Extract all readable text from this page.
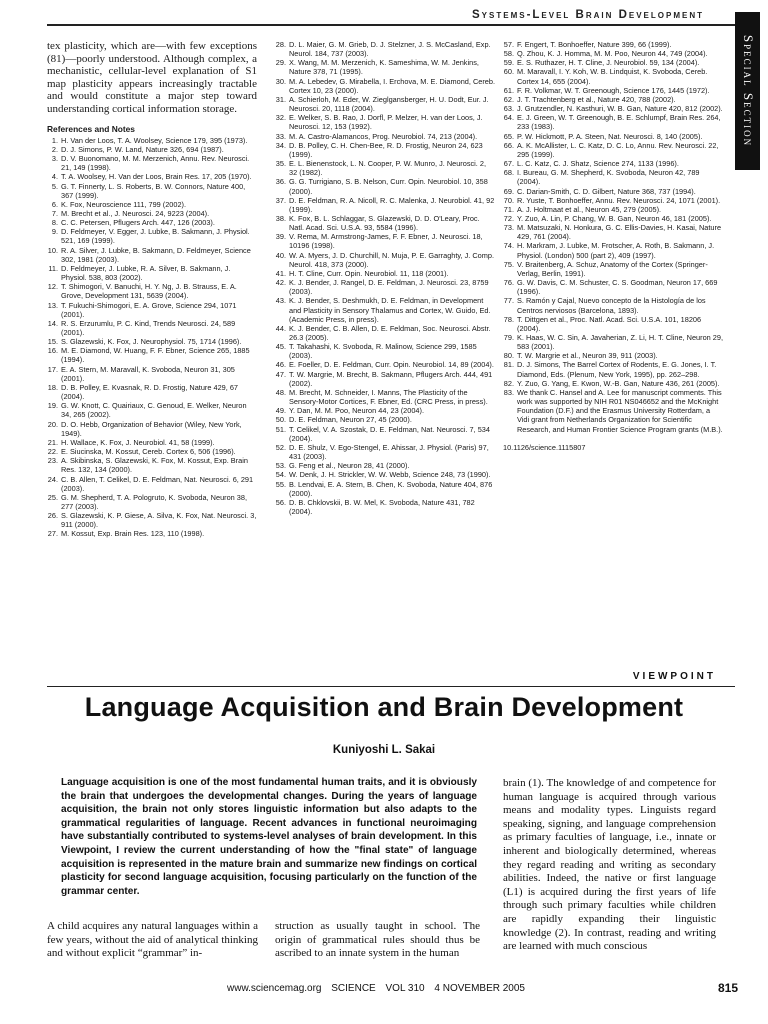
Systems-Level Brain Development
Special Section

tex plasticity, which are—with few exceptions (81)—poorly understood. Although complex, a mechanistic, cellular-level explanation of S1 map plasticity appears increasingly tractable and would constitute a major step toward understanding cortical information storage.

References and Notes
1. H. Van der Loos, T. A. Woolsey, Science 179, 395 (1973).
2. D. J. Simons, P. W. Land, Nature 326, 694 (1987).
3. D. V. Buonomano, M. M. Merzenich, Annu. Rev. Neurosci. 21, 149 (1998).
4. T. A. Woolsey, H. Van der Loos, Brain Res. 17, 205 (1970).
5. G. T. Finnerty, L. S. Roberts, B. W. Connors, Nature 400, 367 (1999).
6. K. Fox, Neuroscience 111, 799 (2002).
7. M. Brecht et al., J. Neurosci. 24, 9223 (2004).
8. C. C. Petersen, Pflugers Arch. 447, 126 (2003).
9. D. Feldmeyer, V. Egger, J. Lubke, B. Sakmann, J. Physiol. 521, 169 (1999).
10. R. A. Silver, J. Lubke, B. Sakmann, D. Feldmeyer, Science 302, 1981 (2003).
11. D. Feldmeyer, J. Lubke, R. A. Silver, B. Sakmann, J. Physiol. 538, 803 (2002).
12. T. Shimogori, V. Banuchi, H. Y. Ng, J. B. Strauss, E. A. Grove, Development 131, 5639 (2004).
13. T. Fukuchi-Shimogori, E. A. Grove, Science 294, 1071 (2001).
14. R. S. Erzurumlu, P. C. Kind, Trends Neurosci. 24, 589 (2001).
15. S. Glazewski, K. Fox, J. Neurophysiol. 75, 1714 (1996).
16. M. E. Diamond, W. Huang, F. F. Ebner, Science 265, 1885 (1994).
17. E. A. Stern, M. Maravall, K. Svoboda, Neuron 31, 305 (2001).
18. D. B. Polley, E. Kvasnak, R. D. Frostig, Nature 429, 67 (2004).
19. G. W. Knott, C. Quairiaux, C. Genoud, E. Welker, Neuron 34, 265 (2002).
20. D. O. Hebb, Organization of Behavior (Wiley, New York, 1949).
21. H. Wallace, K. Fox, J. Neurobiol. 41, 58 (1999).
22. E. Siucinska, M. Kossut, Cereb. Cortex 6, 506 (1996).
23. A. Skibinska, S. Glazewski, K. Fox, M. Kossut, Exp. Brain Res. 132, 134 (2000).
24. C. B. Allen, T. Celikel, D. E. Feldman, Nat. Neurosci. 6, 291 (2003).
25. G. M. Shepherd, T. A. Pologruto, K. Svoboda, Neuron 38, 277 (2003).
26. S. Glazewski, K. P. Giese, A. Silva, K. Fox, Nat. Neurosci. 3, 911 (2000).
27. M. Kossut, Exp. Brain Res. 123, 110 (1998).
28. D. L. Maier, G. M. Grieb, D. J. Stelzner, J. S. McCasland, Exp. Neurol. 184, 737 (2003).
29. X. Wang, M. M. Merzenich, K. Sameshima, W. M. Jenkins, Nature 378, 71 (1995).
30. M. A. Lebedev, G. Mirabella, I. Erchova, M. E. Diamond, Cereb. Cortex 10, 23 (2000).
31. A. Schierloh, M. Eder, W. Zieglgansberger, H. U. Dodt, Eur. J. Neurosci. 20, 1118 (2004).
32. E. Welker, S. B. Rao, J. Dorfl, P. Melzer, H. van der Loos, J. Neurosci. 12, 153 (1992).
33. M. A. Castro-Alamancos, Prog. Neurobiol. 74, 213 (2004).
34. D. B. Polley, C. H. Chen-Bee, R. D. Frostig, Neuron 24, 623 (1999).
35. E. L. Bienenstock, L. N. Cooper, P. W. Munro, J. Neurosci. 2, 32 (1982).
36. G. G. Turrigiano, S. B. Nelson, Curr. Opin. Neurobiol. 10, 358 (2000).
37. D. E. Feldman, R. A. Nicoll, R. C. Malenka, J. Neurobiol. 41, 92 (1999).
38. K. Fox, B. L. Schlaggar, S. Glazewski, D. D. O'Leary, Proc. Natl. Acad. Sci. U.S.A. 93, 5584 (1996).
39. V. Rema, M. Armstrong-James, F. F. Ebner, J. Neurosci. 18, 10196 (1998).
40. W. A. Myers, J. D. Churchill, N. Muja, P. E. Garraghty, J. Comp. Neurol. 418, 373 (2000).
41. H. T. Cline, Curr. Opin. Neurobiol. 11, 118 (2001).
42. K. J. Bender, J. Rangel, D. E. Feldman, J. Neurosci. 23, 8759 (2003).
43. K. J. Bender, S. Deshmukh, D. E. Feldman, in Development and Plasticity in Sensory Thalamus and Cortex, W. Guido, Ed. (Academic Press, in press).
44. K. J. Bender, C. B. Allen, D. E. Feldman, Soc. Neurosci. Abstr. 26.3 (2005).
45. T. Takahashi, K. Svoboda, R. Malinow, Science 299, 1585 (2003).
46. E. Foeller, D. E. Feldman, Curr. Opin. Neurobiol. 14, 89 (2004).
47. T. W. Margrie, M. Brecht, B. Sakmann, Pflugers Arch. 444, 491 (2002).
48. M. Brecht, M. Schneider, I. Manns, The Plasticity of the Sensory-Motor Cortices, F. Ebner, Ed. (CRC Press, in press).
49. Y. Dan, M. M. Poo, Neuron 44, 23 (2004).
50. D. E. Feldman, Neuron 27, 45 (2000).
51. T. Celikel, V. A. Szostak, D. E. Feldman, Nat. Neurosci. 7, 534 (2004).
52. D. E. Shulz, V. Ego-Stengel, E. Ahissar, J. Physiol. (Paris) 97, 431 (2003).
53. G. Feng et al., Neuron 28, 41 (2000).
54. W. Denk, J. H. Strickler, W. W. Webb, Science 248, 73 (1990).
55. B. Lendvai, E. A. Stern, B. Chen, K. Svoboda, Nature 404, 876 (2000).
56. D. B. Chklovskii, B. W. Mel, K. Svoboda, Nature 431, 782 (2004).
57. F. Engert, T. Bonhoeffer, Nature 399, 66 (1999).
58. Q. Zhou, K. J. Homma, M. M. Poo, Neuron 44, 749 (2004).
59. E. S. Ruthazer, H. T. Cline, J. Neurobiol. 59, 134 (2004).
60. M. Maravall, I. Y. Koh, W. B. Lindquist, K. Svoboda, Cereb. Cortex 14, 655 (2004).
61. F. R. Volkmar, W. T. Greenough, Science 176, 1445 (1972).
62. J. T. Trachtenberg et al., Nature 420, 788 (2002).
63. J. Grutzendler, N. Kasthuri, W. B. Gan, Nature 420, 812 (2002).
64. E. J. Green, W. T. Greenough, B. E. Schlumpf, Brain Res. 264, 233 (1983).
65. P. W. Hickmott, P. A. Steen, Nat. Neurosci. 8, 140 (2005).
66. A. K. McAllister, L. C. Katz, D. C. Lo, Annu. Rev. Neurosci. 22, 295 (1999).
67. L. C. Katz, C. J. Shatz, Science 274, 1133 (1996).
68. I. Bureau, G. M. Shepherd, K. Svoboda, Neuron 42, 789 (2004).
69. C. Darian-Smith, C. D. Gilbert, Nature 368, 737 (1994).
70. R. Yuste, T. Bonhoeffer, Annu. Rev. Neurosci. 24, 1071 (2001).
71. A. J. Holtmaat et al., Neuron 45, 279 (2005).
72. Y. Zuo, A. Lin, P. Chang, W. B. Gan, Neuron 46, 181 (2005).
73. M. Matsuzaki, N. Honkura, G. C. Ellis-Davies, H. Kasai, Nature 429, 761 (2004).
74. H. Markram, J. Lubke, M. Frotscher, A. Roth, B. Sakmann, J. Physiol. (London) 500 (part 2), 409 (1997).
75. V. Braitenberg, A. Schuz, Anatomy of the Cortex (Springer-Verlag, Berlin, 1991).
76. G. W. Davis, C. M. Schuster, C. S. Goodman, Neuron 17, 669 (1996).
77. S. Ramón y Cajal, Nuevo concepto de la Histología de los Centros nerviosos (Barcelona, 1893).
78. T. Dittgen et al., Proc. Natl. Acad. Sci. U.S.A. 101, 18206 (2004).
79. K. Haas, W. C. Sin, A. Javaherian, Z. Li, H. T. Cline, Neuron 29, 583 (2001).
80. T. W. Margrie et al., Neuron 39, 911 (2003).
81. D. J. Simons, The Barrel Cortex of Rodents, E. G. Jones, I. T. Diamond, Eds. (Plenum, New York, 1995), pp. 262–298.
82. Y. Zuo, G. Yang, E. Kwon, W.-B. Gan, Nature 436, 261 (2005).
83. We thank C. Hansel and A. Lee for manuscript comments. This work was supported by NIH R01 NS046652 and the McKnight Foundation (D.F.) and the Erasmus University Rotterdam, a Vidi grant from Netherlands Organization for Scientific Research, and Human Frontier Science Program grants (M.B.).
10.1126/science.1115807
VIEWPOINT
Language Acquisition and Brain Development
Kuniyoshi L. Sakai

Language acquisition is one of the most fundamental human traits, and it is obviously the brain that undergoes the developmental changes. During the years of language acquisition, the brain not only stores linguistic information but also adapts to the grammatical regularities of language. Recent advances in functional neuroimaging have substantially contributed to systems-level analyses of brain development. In this Viewpoint, I review the current understanding of how the "final state" of language acquisition is represented in the mature brain and summarize new findings on cortical plasticity for second language acquisition, focusing particularly on the function of the grammar center.

A child acquires any natural languages within a few years, without the aid of analytical thinking and without explicit “grammar” in-

struction as usually taught in school. The origin of grammatical rules should thus be ascribed to an innate system in the human

brain (1). The knowledge of and competence for human language is acquired through various means and modality types. Linguists regard speaking, signing, and language comprehension as primary faculties of language, i.e., innate or inherent and biologically determined, whereas they regard reading and writing as secondary abilities. Indeed, the native or first language (L1) is acquired during the first years of life through such primary faculties while children are rapidly expanding their linguistic knowledge (2). In contrast, reading and writing are learned with much conscious

www.sciencemag.org SCIENCE VOL 310 4 NOVEMBER 2005	815
